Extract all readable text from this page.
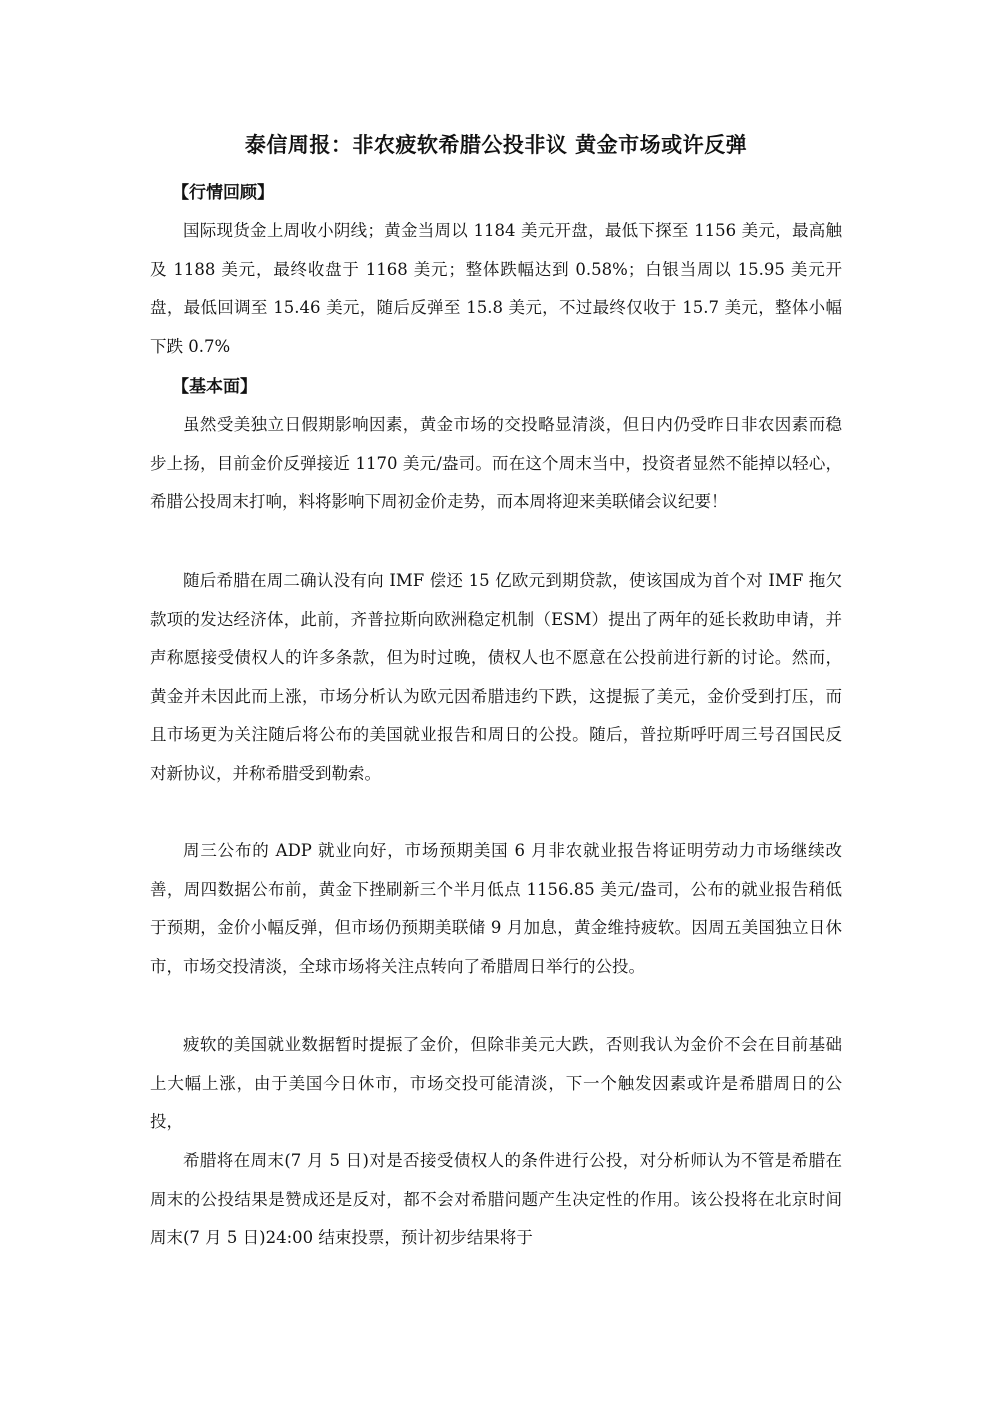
泰信周报：非农疲软希腊公投非议 黄金市场或许反弹
【行情回顾】

国际现货金上周收小阴线；黄金当周以 1184 美元开盘，最低下探至 1156 美元，最高触及 1188 美元，最终收盘于 1168 美元；整体跌幅达到 0.58%；白银当周以 15.95 美元开盘，最低回调至 15.46 美元，随后反弹至 15.8 美元，不过最终仅收于 15.7 美元，整体小幅下跌 0.7%

【基本面】

虽然受美独立日假期影响因素，黄金市场的交投略显清淡，但日内仍受昨日非农因素而稳步上扬，目前金价反弹接近 1170 美元/盎司。而在这个周末当中，投资者显然不能掉以轻心，希腊公投周末打响，料将影响下周初金价走势，而本周将迎来美联储会议纪要！

随后希腊在周二确认没有向 IMF 偿还 15 亿欧元到期贷款，使该国成为首个对 IMF 拖欠款项的发达经济体，此前，齐普拉斯向欧洲稳定机制（ESM）提出了两年的延长救助申请，并声称愿接受债权人的许多条款，但为时过晚，债权人也不愿意在公投前进行新的讨论。然而，黄金并未因此而上涨，市场分析认为欧元因希腊违约下跌，这提振了美元，金价受到打压，而且市场更为关注随后将公布的美国就业报告和周日的公投。随后，普拉斯呼吁周三号召国民反对新协议，并称希腊受到勒索。

周三公布的 ADP 就业向好，市场预期美国 6 月非农就业报告将证明劳动力市场继续改善，周四数据公布前，黄金下挫刷新三个半月低点 1156.85 美元/盎司，公布的就业报告稍低于预期，金价小幅反弹，但市场仍预期美联储 9 月加息，黄金维持疲软。因周五美国独立日休市，市场交投清淡，全球市场将关注点转向了希腊周日举行的公投。

疲软的美国就业数据暂时提振了金价，但除非美元大跌，否则我认为金价不会在目前基础上大幅上涨，由于美国今日休市，市场交投可能清淡，下一个触发因素或许是希腊周日的公投，

希腊将在周末(7 月 5 日)对是否接受债权人的条件进行公投，对分析师认为不管是希腊在周末的公投结果是赞成还是反对，都不会对希腊问题产生决定性的作用。该公投将在北京时间周末(7 月 5 日)24:00 结束投票，预计初步结果将于
